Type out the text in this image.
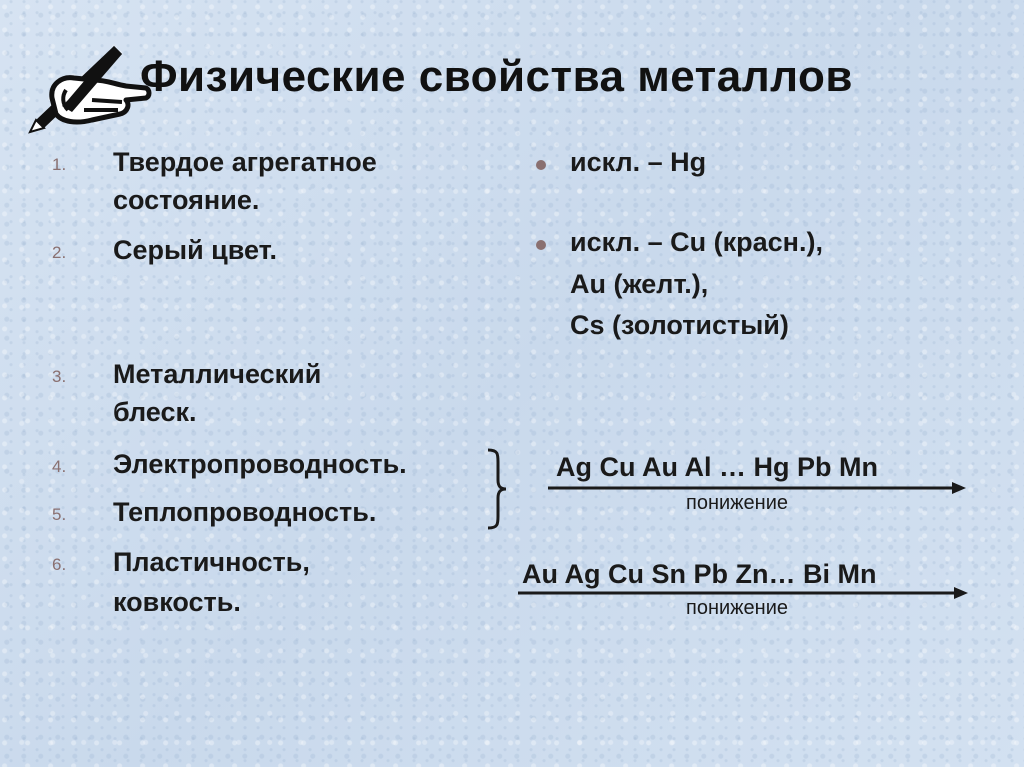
Физические свойства металлов
1.	Твердое агрегатное
состояние.
2.	Серый цвет.
3.	Металлический
блеск.
4.	Электропроводность.
5.	Теплопроводность.
6.	Пластичность,
ковкость.
искл. – Hg
искл. – Cu (красн.),
Au (желт.),
Cs (золотистый)
Ag Cu Au Al … Hg Pb Mn
понижение
Au Ag Cu Sn Pb Zn… Bi Mn
понижение
